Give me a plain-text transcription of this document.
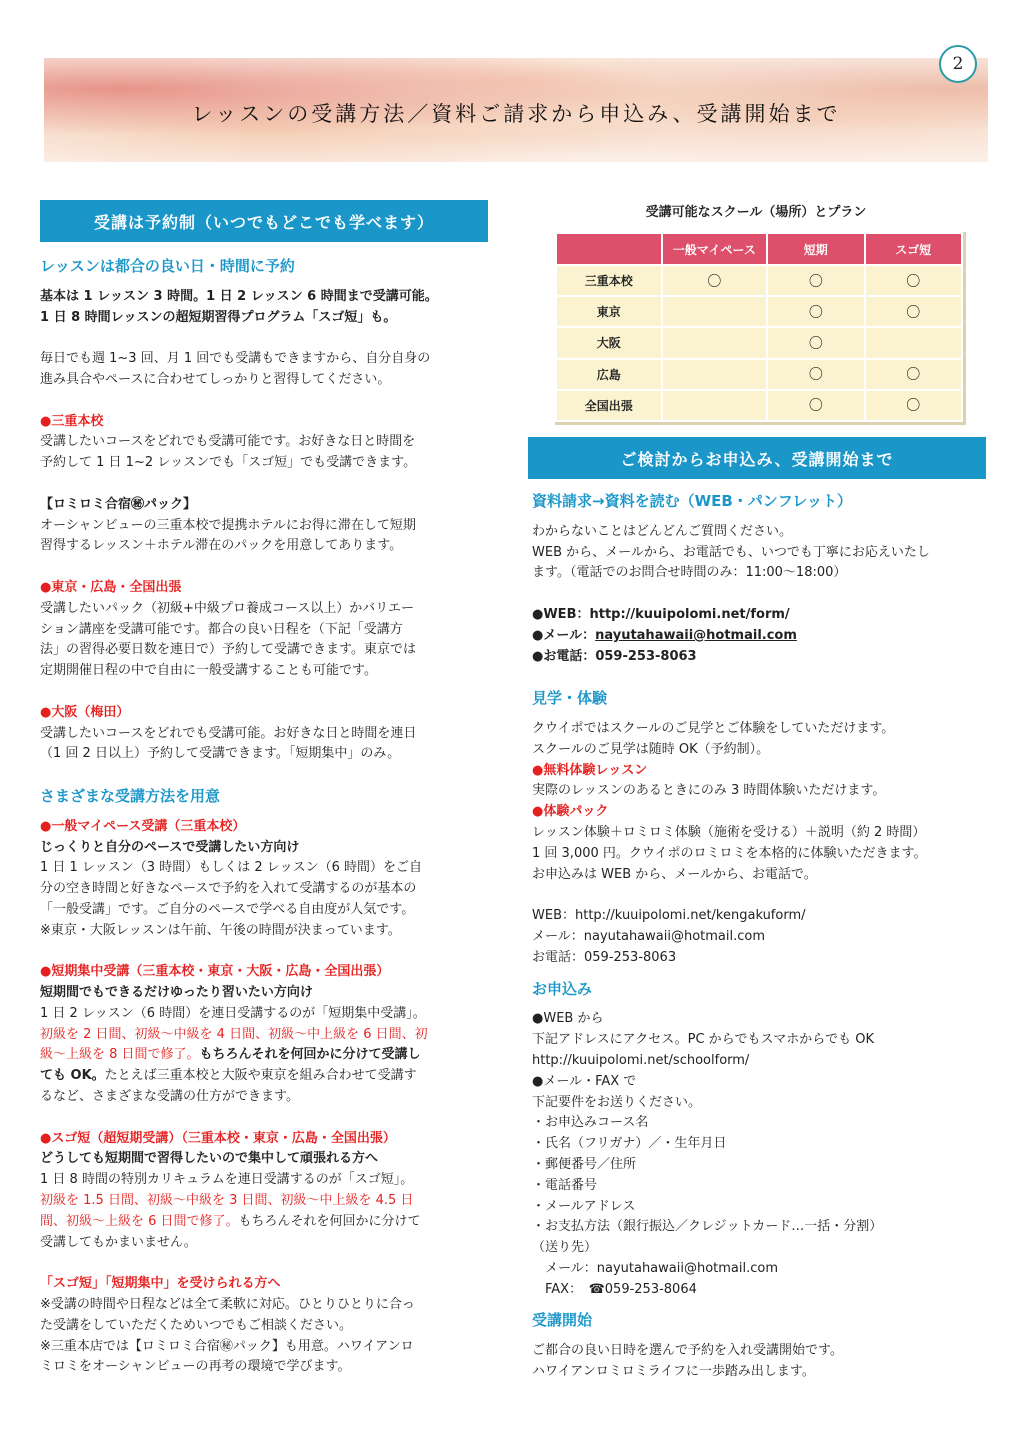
レッスンの受講方法／資料ご請求から申込み、受講開始まで
2
受講は予約制（いつでもどこでも学べます）

レッスンは都合の良い日・時間に予約

基本は 1 レッスン 3 時間。1 日 2 レッスン 6 時間まで受講可能。

1 日 8 時間レッスンの超短期習得プログラム「スゴ短」も。

毎日でも週 1~3 回、月 1 回でも受講もできますから、自分自身の

進み具合やペースに合わせてしっかりと習得してください。

●三重本校

受講したいコースをどれでも受講可能です。お好きな日と時間を

予約して 1 日 1~2 レッスンでも「スゴ短」でも受講できます。

【ロミロミ合宿㊙パック】

オーシャンビューの三重本校で提携ホテルにお得に滞在して短期

習得するレッスン＋ホテル滞在のパックを用意してあります。

●東京・広島・全国出張

受講したいパック（初級+中級プロ養成コース以上）かバリエー

ション講座を受講可能です。都合の良い日程を（下記「受講方

法」の習得必要日数を連日で）予約して受講できます。東京では

定期開催日程の中で自由に一般受講することも可能です。

●大阪（梅田）

受講したいコースをどれでも受講可能。お好きな日と時間を連日

（1 回 2 日以上）予約して受講できます。「短期集中」のみ。

さまざまな受講方法を用意

●一般マイペース受講（三重本校）

じっくりと自分のペースで受講したい方向け

1 日 1 レッスン（3 時間）もしくは 2 レッスン（6 時間）をご自

分の空き時間と好きなペースで予約を入れて受講するのが基本の

「一般受講」です。ご自分のペースで学べる自由度が人気です。

※東京・大阪レッスンは午前、午後の時間が決まっています。

●短期集中受講（三重本校・東京・大阪・広島・全国出張）

短期間でもできるだけゆったり習いたい方向け

1 日 2 レッスン（6 時間）を連日受講するのが「短期集中受講」。

初級を 2 日間、初級～中級を 4 日間、初級～中上級を 6 日間、初

級～上級を 8 日間で修了。もちろんそれを何回かに分けて受講し

ても OK。たとえば三重本校と大阪や東京を組み合わせて受講す

るなど、さまざまな受講の仕方ができます。

●スゴ短（超短期受講）（三重本校・東京・広島・全国出張）

どうしても短期間で習得したいので集中して頑張れる方へ

1 日 8 時間の特別カリキュラムを連日受講するのが「スゴ短」。

初級を 1.5 日間、初級～中級を 3 日間、初級～中上級を 4.5 日

間、初級～上級を 6 日間で修了。もちろんそれを何回かに分けて

受講してもかまいません。

「スゴ短」「短期集中」を受けられる方へ

※受講の時間や日程などは全て柔軟に対応。ひとりひとりに合っ

た受講をしていただくためいつでもご相談ください。

※三重本店では【ロミロミ合宿㊙パック】も用意。ハワイアンロ

ミロミをオーシャンビューの再考の環境で学びます。

受講可能なスクール（場所）とプラン
	一般マイペース	短期	スゴ短
三重本校	〇	〇	〇
東京		〇	〇
大阪		〇	
広島		〇	〇
全国出張		〇	〇
ご検討からお申込み、受講開始まで

資料請求→資料を読む（WEB・パンフレット）

わからないことはどんどんご質問ください。

WEB から、メールから、お電話でも、いつでも丁寧にお応えいたし

ます。（電話でのお問合せ時間のみ：11:00～18:00）

●WEB：http://kuuipolomi.net/form/

●メール：nayutahawaii@hotmail.com

●お電話：059-253-8063

見学・体験

クウイポではスクールのご見学とご体験をしていただけます。

スクールのご見学は随時 OK（予約制）。

●無料体験レッスン

実際のレッスンのあるときにのみ 3 時間体験いただけます。

●体験パック

レッスン体験＋ロミロミ体験（施術を受ける）＋説明（約 2 時間）

1 回 3,000 円。クウイポのロミロミを本格的に体験いただきます。

お申込みは WEB から、メールから、お電話で。

WEB：http://kuuipolomi.net/kengakuform/

メール：nayutahawaii@hotmail.com

お電話：059-253-8063

お申込み

●WEB から

下記アドレスにアクセス。PC からでもスマホからでも OK

http://kuuipolomi.net/schoolform/

●メール・FAX で

下記要件をお送りください。

・お申込みコース名

・氏名（フリガナ）／・生年月日

・郵便番号／住所

・電話番号

・メールアドレス

・お支払方法（銀行振込／クレジットカード…一括・分割）

（送り先）

　メール：nayutahawaii@hotmail.com

　FAX：　☎059-253-8064

受講開始

ご都合の良い日時を選んで予約を入れ受講開始です。

ハワイアンロミロミライフに一歩踏み出します。
